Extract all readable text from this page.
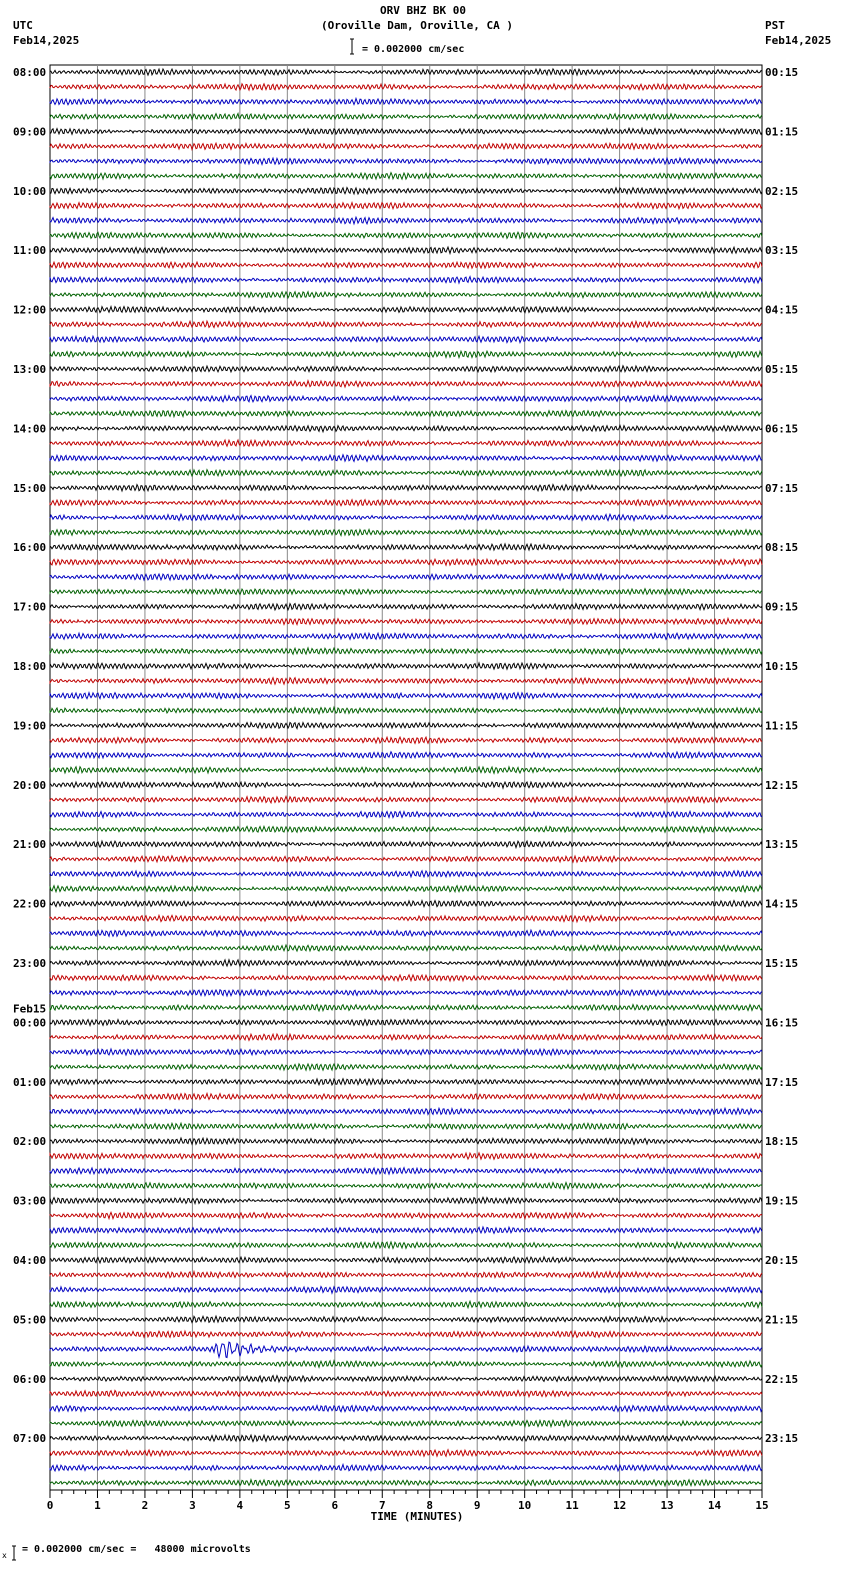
ORV BHZ BK 00
(Oroville Dam, Oroville, CA )
= 0.002000 cm/sec
UTC
Feb14,2025
PST
Feb14,2025
= 0.002000 cm/sec =   48000 microvolts
TIME (MINUTES)
08:00	00:15
09:00	01:15
10:00	02:15
11:00	03:15
12:00	04:15
13:00	05:15
14:00	06:15
15:00	07:15
16:00	08:15
17:00	09:15
18:00	10:15
19:00	11:15
20:00	12:15
21:00	13:15
22:00	14:15
23:00	15:15
00:00	16:15
01:00	17:15
02:00	18:15
03:00	19:15
04:00	20:15
05:00	21:15
06:00	22:15
07:00	23:15
Feb15
0	1	2	3	4	5	6	7	8	9	10	11	12	13	14	15
x
